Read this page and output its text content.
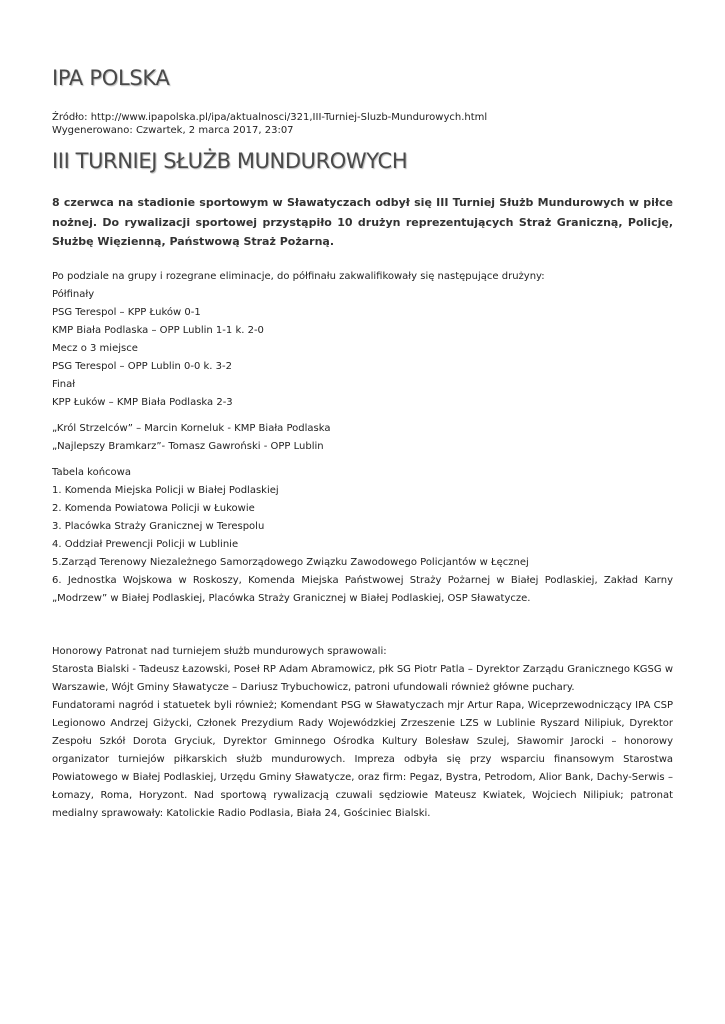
IPA POLSKA
Źródło: http://www.ipapolska.pl/ipa/aktualnosci/321,III-Turniej-Sluzb-Mundurowych.html
Wygenerowano: Czwartek, 2 marca 2017, 23:07
III TURNIEJ SŁUŻB MUNDUROWYCH

8 czerwca na stadionie sportowym w Sławatyczach odbył się III Turniej Służb Mundurowych w piłce nożnej. Do rywalizacji sportowej przystąpiło 10 drużyn reprezentujących Straż Graniczną, Policję, Służbę Więzienną, Państwową Straż Pożarną.

Po podziale na grupy i rozegrane eliminacje, do półfinału zakwalifikowały się następujące drużyny:
Półfinały
PSG Terespol – KPP Łuków 0-1
KMP Biała Podlaska – OPP Lublin 1-1 k. 2-0
Mecz o 3 miejsce
PSG Terespol – OPP Lublin 0-0 k. 3-2
Finał
KPP Łuków – KMP Biała Podlaska 2-3
„Król Strzelców” – Marcin Korneluk - KMP Biała Podlaska
„Najlepszy Bramkarz”- Tomasz Gawroński - OPP Lublin
Tabela końcowa
1. Komenda Miejska Policji w Białej Podlaskiej
2. Komenda Powiatowa Policji w Łukowie
3. Placówka Straży Granicznej w Terespolu
4. Oddział Prewencji Policji w Lublinie
5.Zarząd Terenowy Niezależnego Samorządowego Związku Zawodowego Policjantów w Łęcznej
6. Jednostka Wojskowa w Roskoszy, Komenda Miejska Państwowej Straży Pożarnej w Białej Podlaskiej, Zakład Karny „Modrzew” w Białej Podlaskiej, Placówka Straży Granicznej w Białej Podlaskiej, OSP Sławatycze.
Honorowy Patronat nad turniejem służb mundurowych sprawowali:
Starosta Bialski - Tadeusz Łazowski, Poseł RP Adam Abramowicz, płk SG Piotr Patla – Dyrektor Zarządu Granicznego KGSG w Warszawie, Wójt Gminy Sławatycze – Dariusz Trybuchowicz, patroni ufundowali również główne puchary.
Fundatorami nagród i statuetek byli również; Komendant PSG w Sławatyczach mjr Artur Rapa, Wiceprzewodniczący IPA CSP Legionowo Andrzej Giżycki, Członek Prezydium Rady Wojewódzkiej Zrzeszenie LZS w Lublinie Ryszard Nilipiuk, Dyrektor Zespołu Szkół Dorota Gryciuk, Dyrektor Gminnego Ośrodka Kultury Bolesław Szulej, Sławomir Jarocki – honorowy organizator turniejów piłkarskich służb mundurowych. Impreza odbyła się przy wsparciu finansowym Starostwa Powiatowego w Białej Podlaskiej, Urzędu Gminy Sławatycze, oraz firm: Pegaz, Bystra, Petrodom, Alior Bank, Dachy-Serwis – Łomazy, Roma, Horyzont. Nad sportową rywalizacją czuwali sędziowie Mateusz Kwiatek, Wojciech Nilipiuk; patronat medialny sprawowały: Katolickie Radio Podlasia, Biała 24, Gościniec Bialski.
